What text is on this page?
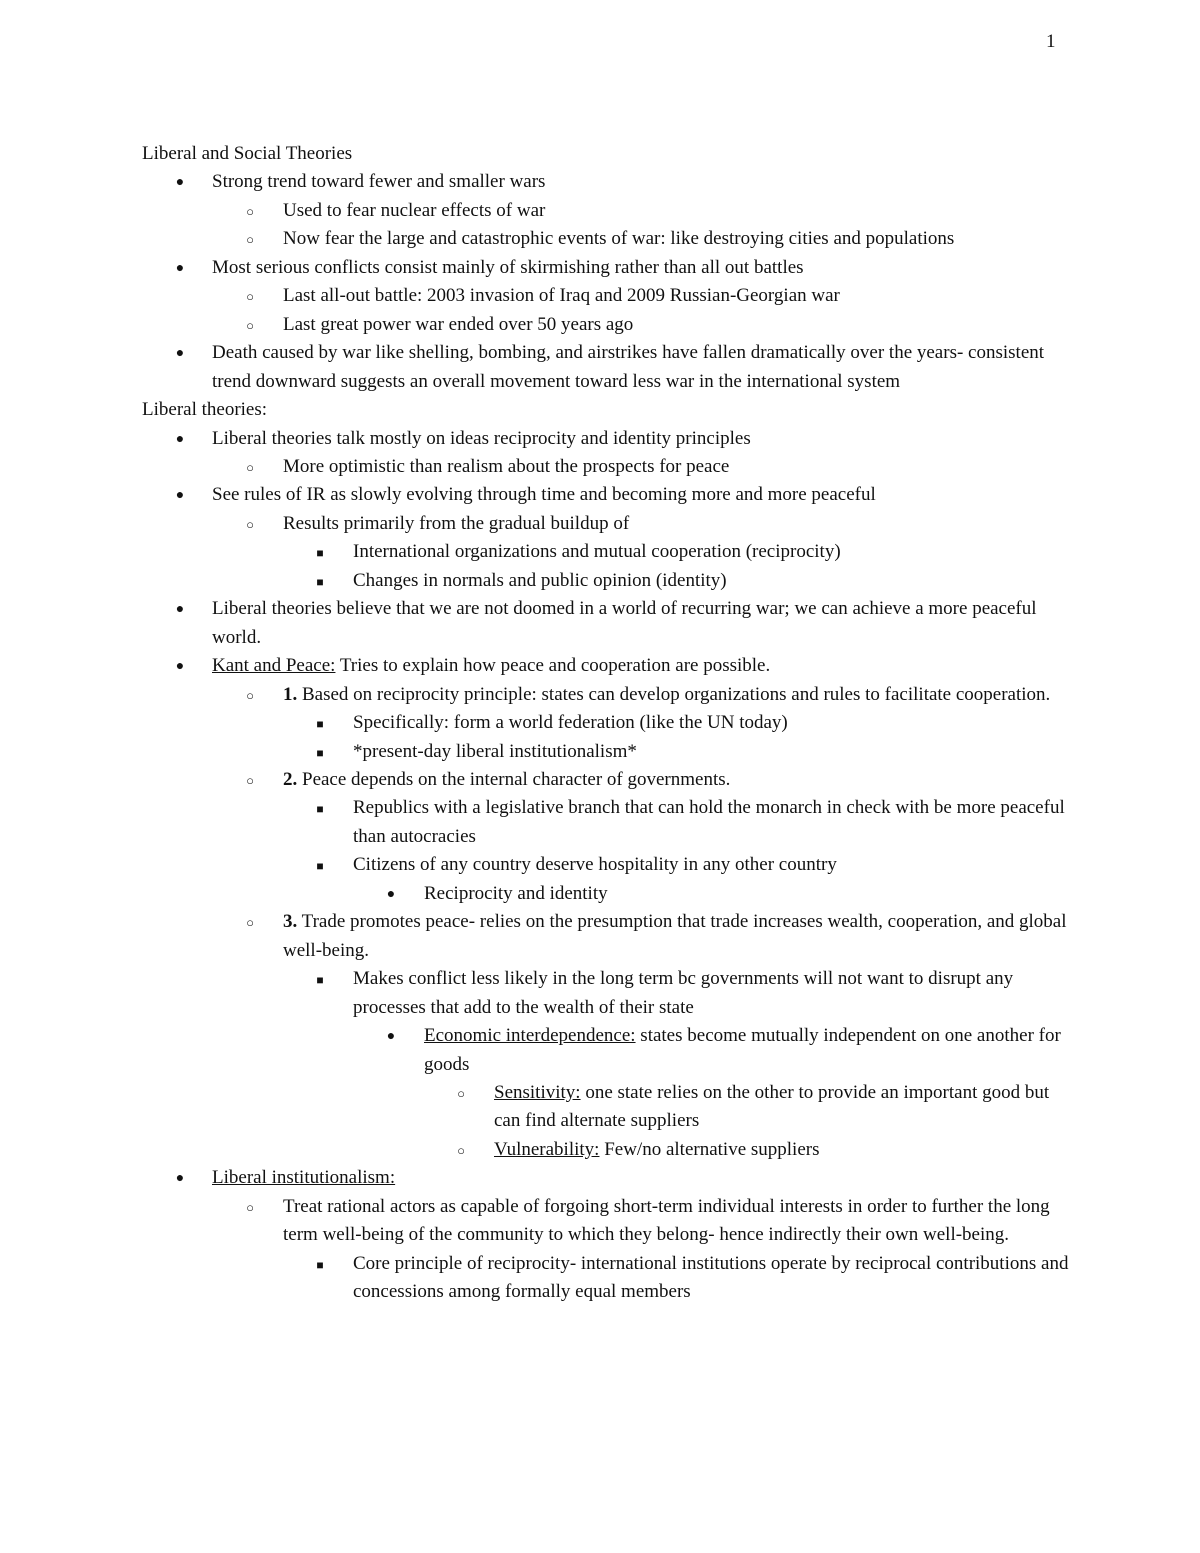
1
Liberal and Social Theories
●	Strong trend toward fewer and smaller wars
○	Used to fear nuclear effects of war
○	Now fear the large and catastrophic events of war: like destroying cities and populations
●	Most serious conflicts consist mainly of skirmishing rather than all out battles
○	Last all-out battle: 2003 invasion of Iraq and 2009 Russian-Georgian war
○	Last great power war ended over 50 years ago
●	Death caused by war like shelling, bombing, and airstrikes have fallen dramatically over the years- consistent trend downward suggests an overall movement toward less war in the international system
Liberal theories:
●	Liberal theories talk mostly on ideas reciprocity and identity principles
○	More optimistic than realism about the prospects for peace
●	See rules of IR as slowly evolving through time and becoming more and more peaceful
○	Results primarily from the gradual buildup of
■	International organizations and mutual cooperation (reciprocity)
■	Changes in normals and public opinion (identity)
●	Liberal theories believe that we are not doomed in a world of recurring war; we can achieve a more peaceful world.
●	Kant and Peace: Tries to explain how peace and cooperation are possible.
○	1. Based on reciprocity principle: states can develop organizations and rules to facilitate cooperation.
■	Specifically: form a world federation (like the UN today)
■	*present-day liberal institutionalism*
○	2. Peace depends on the internal character of governments.
■	Republics with a legislative branch that can hold the monarch in check with be more peaceful than autocracies
■	Citizens of any country deserve hospitality in any other country
●	Reciprocity and identity
○	3. Trade promotes peace- relies on the presumption that trade increases wealth, cooperation, and global well-being.
■	Makes conflict less likely in the long term bc governments will not want to disrupt any processes that add to the wealth of their state
●	Economic interdependence: states become mutually independent on one another for goods
○	Sensitivity: one state relies on the other to provide an important good but can find alternate suppliers
○	Vulnerability: Few/no alternative suppliers
●	Liberal institutionalism:
○	Treat rational actors as capable of forgoing short-term individual interests in order to further the long term well-being of the community to which they belong- hence indirectly their own well-being.
■	Core principle of reciprocity- international institutions operate by reciprocal contributions and concessions among formally equal members
